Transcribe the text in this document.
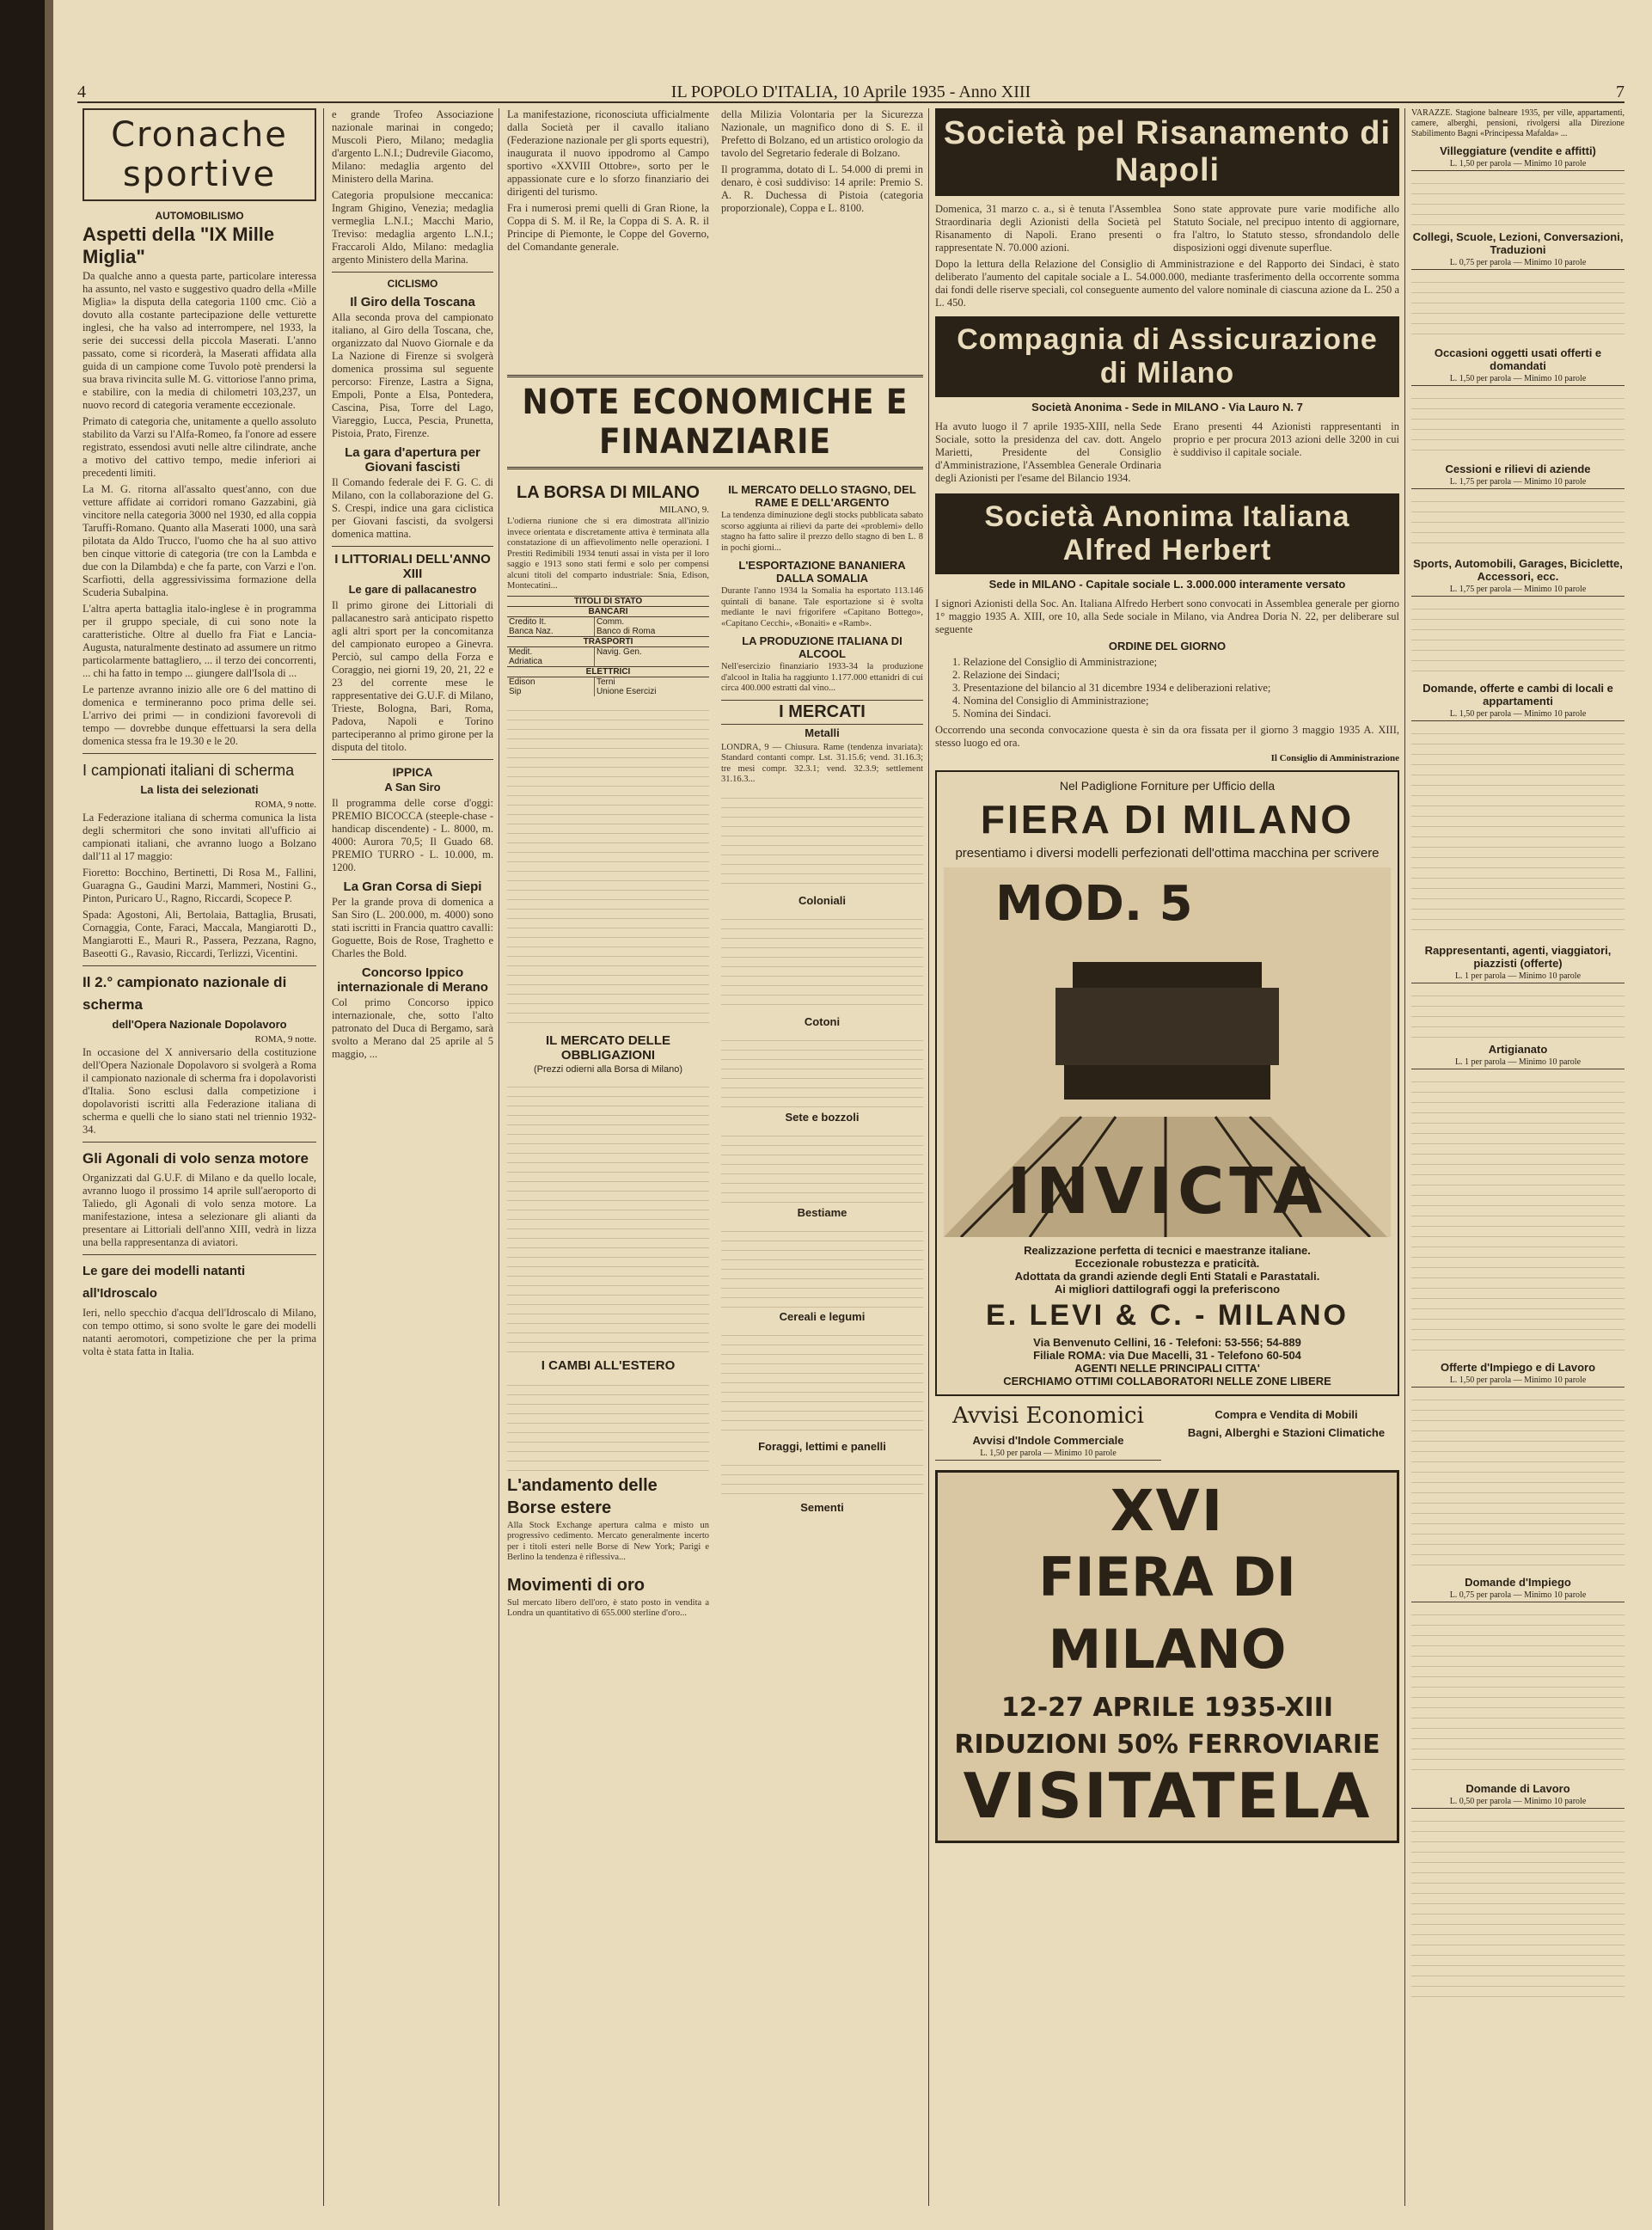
4	IL POPOLO D'ITALIA, 10 Aprile 1935 - Anno XIII	7
Cronache sportive
AUTOMOBILISMO
Aspetti della "IX Mille Miglia"

Da qualche anno a questa parte, particolare interessa ha assunto, nel vasto e suggestivo quadro della «Mille Miglia» la disputa della categoria 1100 cmc. Ciò a dovuto alla costante partecipazione delle vetturette inglesi, che ha valso ad interrompere, nel 1933, la serie dei successi della piccola Maserati. L'anno passato, come si ricorderà, la Maserati affidata alla guida di un campione come Tuvolo potè prendersi la sua brava rivincita sulle M. G. vittoriose l'anno prima, e stabilire, con la media di chilometri 103,237, un nuovo record di categoria veramente eccezionale.

Primato di categoria che, unitamente a quello assoluto stabilito da Varzi su l'Alfa-Romeo, fa l'onore ad essere registrato, essendosi avuti nelle altre cilindrate, anche a motivo del cattivo tempo, medie inferiori ai precedenti limiti.

La M. G. ritorna all'assalto quest'anno, con due vetture affidate ai corridori romano Gazzabini, già vincitore nella categoria 3000 nel 1930, ed alla coppia Taruffi-Romano. Quanto alla Maserati 1000, una sarà pilotata da Aldo Trucco, l'uomo che ha al suo attivo ben cinque vittorie di categoria (tre con la Lambda e due con la Dilambda) e che fa parte, con Varzi e l'on. Scarfiotti, della aggressivissima formazione della Scuderia Subalpina.

L'altra aperta battaglia italo-inglese è in programma per il gruppo speciale, di cui sono note la caratteristiche. Oltre al duello fra Fiat e Lancia-Augusta, naturalmente destinato ad assumere un ritmo particolarmente battagliero, ... il terzo dei concorrenti, ... chi ha fatto in tempo ... giungere dall'Isola di ...

Le partenze avranno inizio alle ore 6 del mattino di domenica e termineranno poco prima delle sei. L'arrivo dei primi — in condizioni favorevoli di tempo — dovrebbe dunque effettuarsi la sera della domenica stessa fra le 19.30 e le 20.

I campionati italiani di scherma
La lista dei selezionati
ROMA, 9 notte.

La Federazione italiana di scherma comunica la lista degli schermitori che sono invitati all'ufficio ai campionati italiani, che avranno luogo a Bolzano dall'11 al 17 maggio:

Fioretto: Bocchino, Bertinetti, Di Rosa M., Fallini, Guaragna G., Gaudini Marzi, Mammeri, Nostini G., Pinton, Puricaro U., Ragno, Riccardi, Scopece P.

Spada: Agostoni, Ali, Bertolaia, Battaglia, Brusati, Cornaggia, Conte, Faraci, Maccala, Mangiarotti D., Mangiarotti E., Mauri R., Passera, Pezzana, Ragno, Baseotti G., Ravasio, Riccardi, Terlizzi, Vicentini.

Il 2.° campionato nazionale di scherma
dell'Opera Nazionale Dopolavoro
ROMA, 9 notte.

In occasione del X anniversario della costituzione dell'Opera Nazionale Dopolavoro si svolgerà a Roma il campionato nazionale di scherma fra i dopolavoristi d'Italia. Sono esclusi dalla competizione i dopolavoristi iscritti alla Federazione italiana di scherma e quelli che lo siano stati nel triennio 1932-34.

Gli Agonali di volo senza motore

Organizzati dal G.U.F. di Milano e da quello locale, avranno luogo il prossimo 14 aprile sull'aeroporto di Taliedo, gli Agonali di volo senza motore. La manifestazione, intesa a selezionare gli alianti da presentare ai Littoriali dell'anno XIII, vedrà in lizza una bella rappresentanza di aviatori.

Le gare dei modelli natanti all'Idroscalo

Ieri, nello specchio d'acqua dell'Idroscalo di Milano, con tempo ottimo, si sono svolte le gare dei modelli natanti aeromotori, competizione che per la prima volta è stata fatta in Italia.

e grande Trofeo Associazione nazionale marinai in congedo; Muscoli Piero, Milano; medaglia d'argento L.N.I.; Dudrevile Giacomo, Milano: medaglia argento del Ministero della Marina.

Categoria propulsione meccanica: Ingram Ghigino, Venezia; medaglia vermeglia L.N.I.; Macchi Mario, Treviso: medaglia argento L.N.I.; Fraccaroli Aldo, Milano: medaglia argento Ministero della Marina.

CICLISMO
Il Giro della Toscana

Alla seconda prova del campionato italiano, al Giro della Toscana, che, organizzato dal Nuovo Giornale e da La Nazione di Firenze si svolgerà domenica prossima sul seguente percorso: Firenze, Lastra a Signa, Empoli, Ponte a Elsa, Pontedera, Cascina, Pisa, Torre del Lago, Viareggio, Lucca, Pescia, Prunetta, Pistoia, Prato, Firenze.

La gara d'apertura per Giovani fascisti

Il Comando federale dei F. G. C. di Milano, con la collaborazione del G. S. Crespi, indice una gara ciclistica per Giovani fascisti, da svolgersi domenica mattina.

I LITTORIALI DELL'ANNO XIII
Le gare di pallacanestro

Il primo girone dei Littoriali di pallacanestro sarà anticipato rispetto agli altri sport per la concomitanza del campionato europeo a Ginevra. Perciò, sul campo della Forza e Coraggio, nei giorni 19, 20, 21, 22 e 23 del corrente mese le rappresentative dei G.U.F. di Milano, Trieste, Bologna, Bari, Roma, Padova, Napoli e Torino parteciperanno al primo girone per la disputa del titolo.

IPPICA
A San Siro

Il programma delle corse d'oggi: PREMIO BICOCCA (steeple-chase - handicap discendente) - L. 8000, m. 4000: Aurora 70,5; Il Guado 68. PREMIO TURRO - L. 10.000, m. 1200.

La Gran Corsa di Siepi

Per la grande prova di domenica a San Siro (L. 200.000, m. 4000) sono stati iscritti in Francia quattro cavalli: Goguette, Bois de Rose, Traghetto e Charles the Bold.

Concorso Ippico internazionale di Merano

Col primo Concorso ippico internazionale, che, sotto l'alto patronato del Duca di Bergamo, sarà svolto a Merano dal 25 aprile al 5 maggio, ...

La manifestazione, riconosciuta ufficialmente dalla Società per il cavallo italiano (Federazione nazionale per gli sports equestri), inaugurata il nuovo ippodromo al Campo sportivo «XXVIII Ottobre», sorto per le appassionate cure e lo sforzo finanziario dei dirigenti del turismo.

Fra i numerosi premi quelli di Gran Rione, la Coppa di S. M. il Re, la Coppa di S. A. R. il Principe di Piemonte, le Coppe del Governo, del Comandante generale.

della Milizia Volontaria per la Sicurezza Nazionale, un magnifico dono di S. E. il Prefetto di Bolzano, ed un artistico orologio da tavolo del Segretario federale di Bolzano.

Il programma, dotato di L. 54.000 di premi in denaro, è così suddiviso: 14 aprile: Premio S. A. R. Duchessa di Pistoia (categoria proporzionale), Coppa e L. 8100.

NOTE ECONOMICHE E FINANZIARIE
LA BORSA DI MILANO
MILANO, 9.

L'odierna riunione che si era dimostrata all'inizio invece orientata e discretamente attiva è terminata alla constatazione di un affievolimento nelle operazioni. I Prestiti Redimibili 1934 tenuti assai in vista per il loro saggio e 1913 sono stati fermi e solo per compensi alcuni titoli del comparto industriale: Snia, Edison, Montecatini...

TITOLI DI STATO	
BANCARI	
Credito It.	Comm.
Banca Naz.	Banco di Roma
TRASPORTI	
Medit.	Navig. Gen.
Adriatica	
ELETTRICI	
Edison	Terni
Sip	Unione Esercizi
IL MERCATO DELLE OBBLIGAZIONI
(Prezzi odierni alla Borsa di Milano)
I CAMBI ALL'ESTERO
L'andamento delle Borse estere

Alla Stock Exchange apertura calma e misto un progressivo cedimento. Mercato generalmente incerto per i titoli esteri nelle Borse di New York; Parigi e Berlino la tendenza è riflessiva...

Movimenti di oro

Sul mercato libero dell'oro, è stato posto in vendita a Londra un quantitativo di 655.000 sterline d'oro...

IL MERCATO DELLO STAGNO, DEL RAME E DELL'ARGENTO

La tendenza diminuzione degli stocks pubblicata sabato scorso aggiunta ai rilievi da parte dei «problemi» dello stagno ha fatto salire il prezzo dello stagno di ben L. 8 in pochi giorni...

L'ESPORTAZIONE BANANIERA DALLA SOMALIA

Durante l'anno 1934 la Somalia ha esportato 113.146 quintali di banane. Tale esportazione si è svolta mediante le navi frigorifere «Capitano Bottego», «Capitano Cecchi», «Bonaiti» e «Ramb».

LA PRODUZIONE ITALIANA DI ALCOOL

Nell'esercizio finanziario 1933-34 la produzione d'alcool in Italia ha raggiunto 1.177.000 ettanidri di cui circa 400.000 estratti dal vino...

I MERCATI
Metalli

LONDRA, 9 — Chiusura. Rame (tendenza invariata): Standard contanti compr. Lst. 31.15.6; vend. 31.16.3; tre mesi compr. 32.3.1; vend. 32.3.9; settlement 31.16.3...

Coloniali
Cotoni
Sete e bozzoli
Bestiame
Cereali e legumi
Foraggi, lettimi e panelli
Sementi
Società pel Risanamento di Napoli

Domenica, 31 marzo c. a., si è tenuta l'Assemblea Straordinaria degli Azionisti della Società pel Risanamento di Napoli. Erano presenti o rappresentate N. 70.000 azioni.

Sono state approvate pure varie modifiche allo Statuto Sociale, nel precipuo intento di aggiornare, fra l'altro, lo Statuto stesso, sfrondandolo delle disposizioni oggi divenute superflue.

Dopo la lettura della Relazione del Consiglio di Amministrazione e del Rapporto dei Sindaci, è stato deliberato l'aumento del capitale sociale a L. 54.000.000, mediante trasferimento della occorrente somma dai fondi delle riserve speciali, col conseguente aumento del valore nominale di ciascuna azione da L. 250 a L. 450.

Compagnia di Assicurazione di Milano
Società Anonima - Sede in MILANO - Via Lauro N. 7

Ha avuto luogo il 7 aprile 1935-XIII, nella Sede Sociale, sotto la presidenza del cav. dott. Angelo Marietti, Presidente del Consiglio d'Amministrazione, l'Assemblea Generale Ordinaria degli Azionisti per l'esame del Bilancio 1934.

Erano presenti 44 Azionisti rappresentanti in proprio e per procura 2013 azioni delle 3200 in cui è suddiviso il capitale sociale.

Società Anonima Italiana Alfred Herbert
Sede in MILANO - Capitale sociale L. 3.000.000 interamente versato

I signori Azionisti della Soc. An. Italiana Alfredo Herbert sono convocati in Assemblea generale per giorno 1° maggio 1935 A. XIII, ore 10, alla Sede sociale in Milano, via Andrea Doria N. 22, per deliberare sul seguente

ORDINE DEL GIORNO

1. Relazione del Consiglio di Amministrazione;

2. Relazione dei Sindaci;

3. Presentazione del bilancio al 31 dicembre 1934 e deliberazioni relative;

4. Nomina del Consiglio di Amministrazione;

5. Nomina dei Sindaci.

Occorrendo una seconda convocazione questa è sin da ora fissata per il giorno 3 maggio 1935 A. XIII, stesso luogo ed ora.

Il Consiglio di Amministrazione
Nel Padiglione Forniture per Ufficio della
FIERA DI MILANO
presentiamo i diversi modelli perfezionati dell'ottima macchina per scrivere
MOD. 5
INVICTA
Realizzazione perfetta di tecnici e maestranze italiane.
Eccezionale robustezza e praticità.
Adottata da grandi aziende degli Enti Statali e Parastatali.
Ai migliori dattilografi oggi la preferiscono
E. LEVI & C. - MILANO
Via Benvenuto Cellini, 16 - Telefoni: 53-556; 54-889
Filiale ROMA: via Due Macelli, 31 - Telefono 60-504
AGENTI NELLE PRINCIPALI CITTA'
CERCHIAMO OTTIMI COLLABORATORI NELLE ZONE LIBERE
Avvisi Economici
Avvisi d'Indole Commerciale
L. 1,50 per parola — Minimo 10 parole
Compra e Vendita di Mobili
Bagni, Alberghi e Stazioni Climatiche
XVI
FIERA DI MILANO
12-27 APRILE 1935-XIII
RIDUZIONI 50% FERROVIARIE
VISITATELA

VARAZZE. Stagione balneare 1935, per ville, appartamenti, camere, alberghi, pensioni, rivolgersi alla Direzione Stabilimento Bagni «Principessa Mafalda» ...

Villeggiature (vendite e affitti)
L. 1,50 per parola — Minimo 10 parole
Collegi, Scuole, Lezioni, Conversazioni, Traduzioni
L. 0,75 per parola — Minimo 10 parole
Occasioni oggetti usati offerti e domandati
L. 1,50 per parola — Minimo 10 parole
Cessioni e rilievi di aziende
L. 1,75 per parola — Minimo 10 parole
Sports, Automobili, Garages, Biciclette, Accessori, ecc.
L. 1,75 per parola — Minimo 10 parole
Domande, offerte e cambi di locali e appartamenti
L. 1,50 per parola — Minimo 10 parole
Rappresentanti, agenti, viaggiatori, piazzisti (offerte)
L. 1 per parola — Minimo 10 parole
Artigianato
L. 1 per parola — Minimo 10 parole
Offerte d'Impiego e di Lavoro
L. 1,50 per parola — Minimo 10 parole
Domande d'Impiego
L. 0,75 per parola — Minimo 10 parole
Domande di Lavoro
L. 0,50 per parola — Minimo 10 parole
